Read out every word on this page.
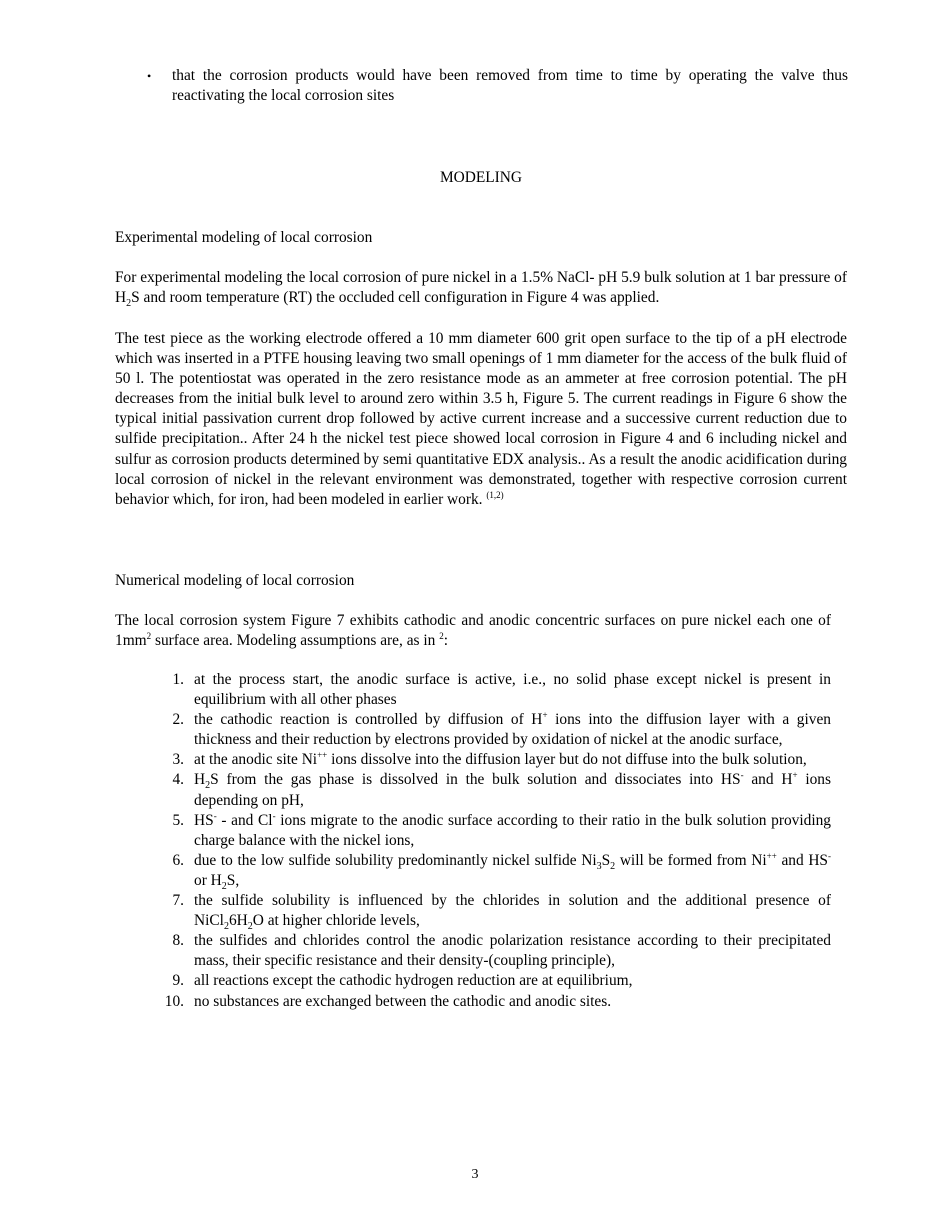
•	that the corrosion products would have been removed from time to time by operating the valve thus reactivating the local corrosion sites
MODELING
Experimental modeling of local corrosion
For experimental modeling the local corrosion of pure nickel in a 1.5% NaCl- pH 5.9 bulk solution at 1 bar pressure of $H_2S$ and room temperature (RT) the occluded cell configuration in Figure 4 was applied.
The test piece as the working electrode offered a 10 mm diameter 600 grit open surface to the tip of a pH electrode which was inserted in a PTFE housing leaving two small openings of 1 mm diameter for the access of the bulk fluid of 50 l. The potentiostat was operated in the zero resistance mode as an ammeter at free corrosion potential. The pH decreases from the initial bulk level to around zero within 3.5 h, Figure 5. The current readings in Figure 6 show the typical initial passivation current drop followed by active current increase and a successive current reduction due to sulfide precipitation.. After 24 h the nickel test piece showed local corrosion in Figure 4 and 6 including nickel and sulfur as corrosion products determined by semi quantitative EDX analysis.. As a result the anodic acidification during local corrosion of nickel in the relevant environment was demonstrated, together with respective corrosion current behavior which, for iron, had been modeled in earlier work. $^{(1,2)}$
Numerical modeling of local corrosion
The local corrosion system Figure 7 exhibits cathodic and anodic concentric surfaces on pure nickel each one of $1mm^2$ surface area. Modeling assumptions are, as in $^2$:
1. at the process start, the anodic surface is active, i.e., no solid phase except nickel is present in equilibrium with all other phases
2. the cathodic reaction is controlled by diffusion of H+ ions into the diffusion layer with a given thickness and their reduction by electrons provided by oxidation of nickel at the anodic surface,
3. at the anodic site Ni++ ions dissolve into the diffusion layer but do not diffuse into the bulk solution,
4. $H_2S$ from the gas phase is dissolved in the bulk solution and dissociates into HS- and H+ ions depending on pH,
5. HS- - and Cl- ions migrate to the anodic surface according to their ratio in the bulk solution providing charge balance with the nickel ions,
6. due to the low sulfide solubility predominantly nickel sulfide $Ni_3S_2$ will be formed from Ni++ and HS- or $H_2S$,
7. the sulfide solubility is influenced by the chlorides in solution and the additional presence of $NiCl_26H_2O$ at higher chloride levels,
8. the sulfides and chlorides control the anodic polarization resistance according to their precipitated mass, their specific resistance and their density-(coupling principle),
9. all reactions except the cathodic hydrogen reduction are at equilibrium,
10. no substances are exchanged between the cathodic and anodic sites.
3
